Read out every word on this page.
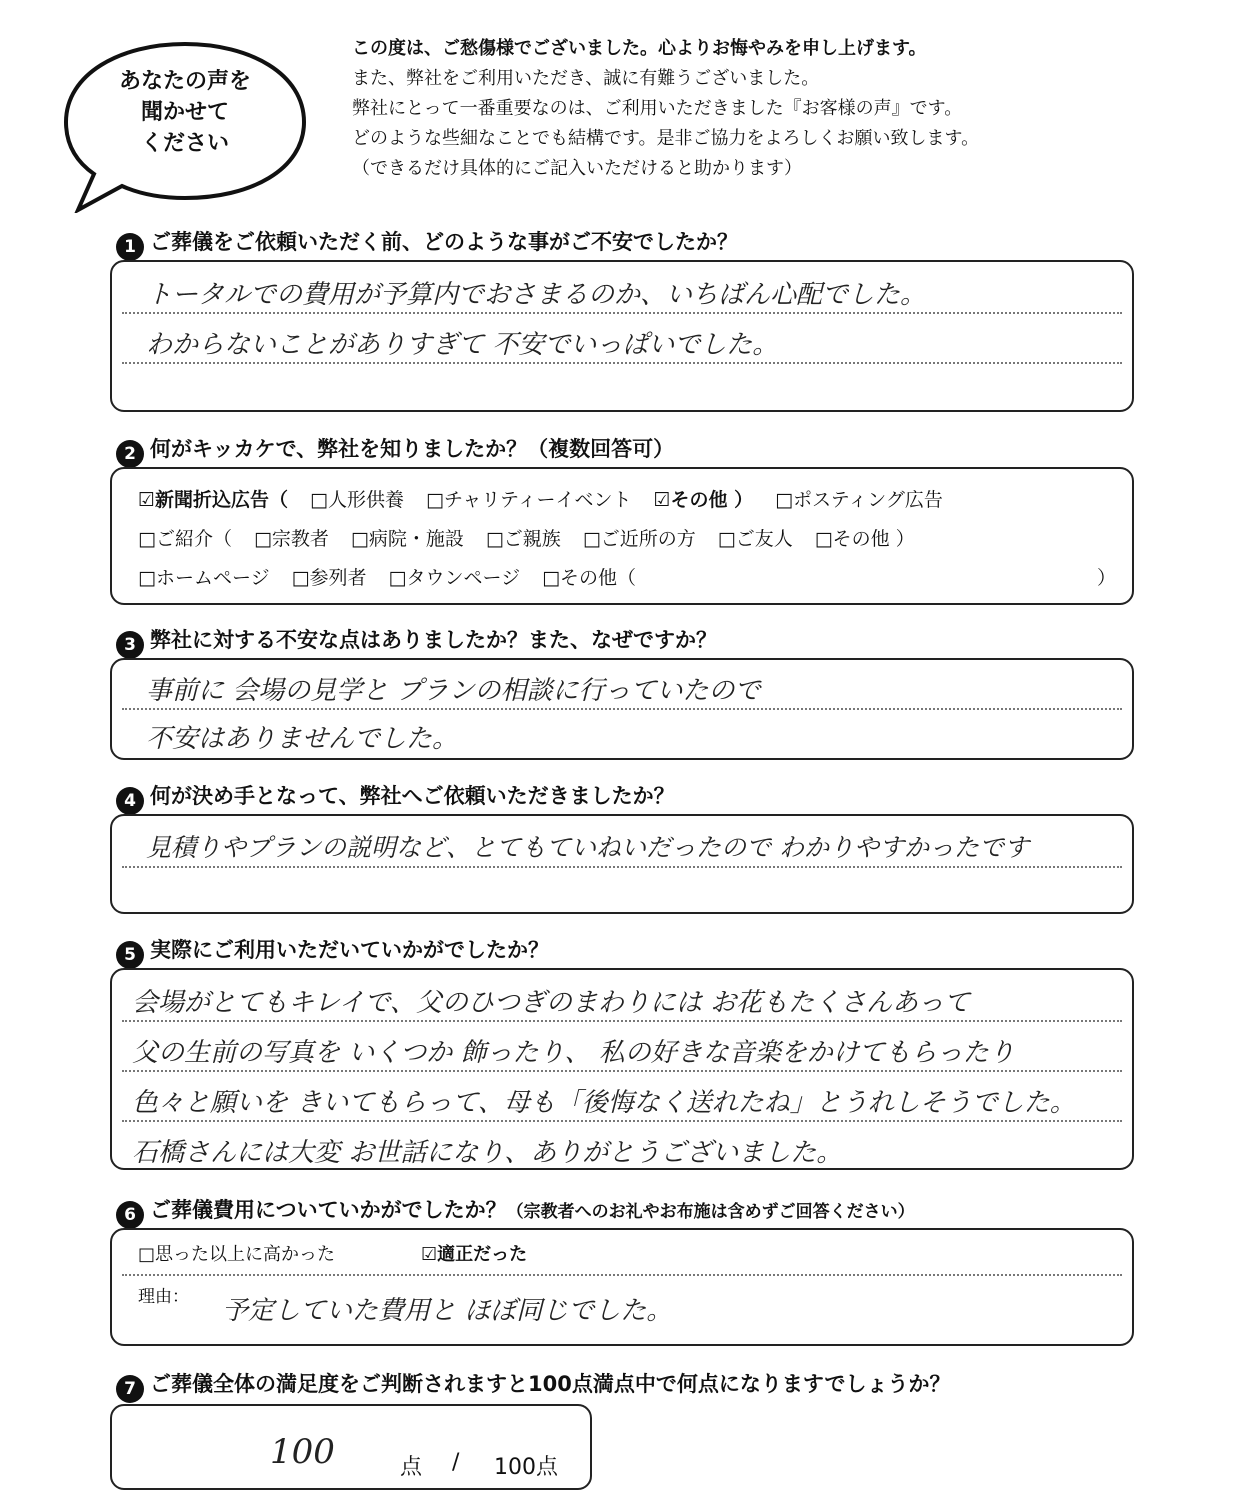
あなたの声を
聞かせて
ください
この度は、ご愁傷様でございました。心よりお悔やみを申し上げます。
また、弊社をご利用いただき、誠に有難うございました。
弊社にとって一番重要なのは、ご利用いただきました『お客様の声』です。
どのような些細なことでも結構です。是非ご協力をよろしくお願い致します。
（できるだけ具体的にご記入いただけると助かります）
1 ご葬儀をご依頼いただく前、どのような事がご不安でしたか？
トータルでの費用が予算内でおさまるのか、いちばん心配でした。
わからないことがありすぎて 不安でいっぱいでした。
2 何がキッカケで、弊社を知りましたか？（複数回答可）
☑新聞折込広告（ □人形供養 □チャリティーイベント ☑その他 ） □ポスティング広告
□ご紹介（ □宗教者 □病院・施設 □ご親族 □ご近所の方 □ご友人 □その他 ）
□ホームページ □参列者 □タウンページ □その他（	）
3 弊社に対する不安な点はありましたか？また、なぜですか？
事前に 会場の見学と プランの相談に行っていたので
不安はありませんでした。
4 何が決め手となって、弊社へご依頼いただきましたか？
見積りやプランの説明など、とてもていねいだったので わかりやすかったです
5 実際にご利用いただいていかがでしたか？
会場がとてもキレイで、父のひつぎのまわりには お花もたくさんあって
父の生前の写真を いくつか 飾ったり、 私の好きな音楽をかけてもらったり
色々と願いを きいてもらって、母も「後悔なく送れたね」とうれしそうでした。
石橋さんには大変 お世話になり、ありがとうございました。
6 ご葬儀費用についていかがでしたか？（宗教者へのお礼やお布施は含めずご回答ください）
□思った以上に高かった	☑適正だった
理由： 予定していた費用と ほぼ同じでした。
7 ご葬儀全体の満足度をご判断されますと100点満点中で何点になりますでしょうか？
100	点 / 100点
